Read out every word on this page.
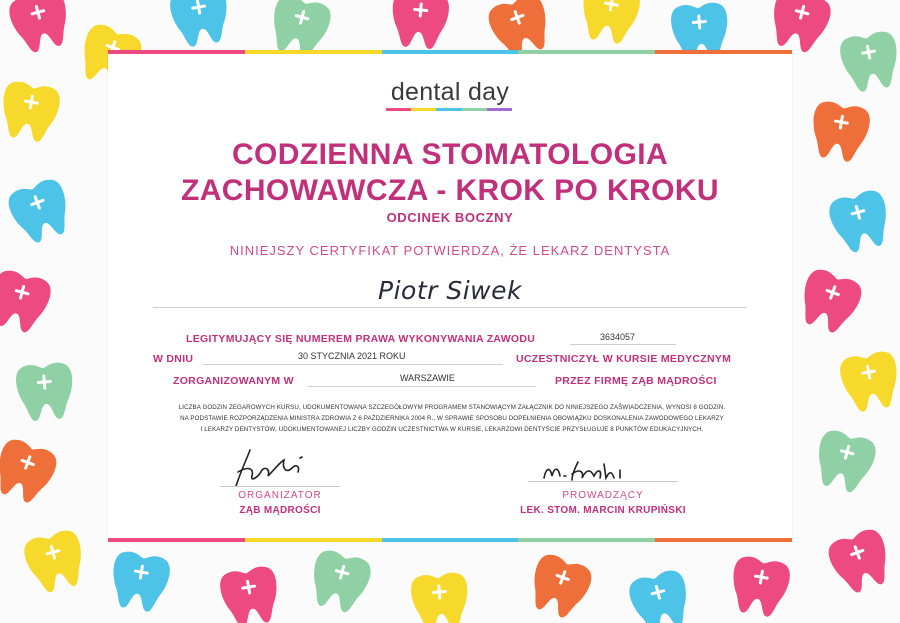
dental day
CODZIENNA STOMATOLOGIA
ZACHOWAWCZA - KROK PO KROKU
ODCINEK BOCZNY
NINIEJSZY CERTYFIKAT POTWIERDZA, ŻE LEKARZ DENTYSTA
Piotr Siwek
LEGITYMUJĄCY SIĘ NUMEREM PRAWA WYKONYWANIA ZAWODU	3634057
W DNIU	30 STYCZNIA 2021 ROKU	UCZESTNICZYŁ W KURSIE MEDYCZNYM
ZORGANIZOWANYM W	WARSZAWIE	PRZEZ FIRMĘ ZĄB MĄDROŚCI
LICZBA GODZIN ZEGAROWYCH KURSU, UDOKUMENTOWANA SZCZEGÓŁOWYM PROGRAMEM STANOWIĄCYM ZAŁĄCZNIK DO NINIEJSZEGO ZAŚWIADCZENIA, WYNOSI 8 GODZIN.
NA PODSTAWIE ROZPORZĄDZENIA MINISTRA ZDROWIA Z 6 PAŹDZIERNIKA 2004 R., W SPRAWIE SPOSOBU DOPEŁNIENIA OBOWIĄZKU DOSKONALENIA ZAWODOWEGO LEKARZY
I LEKARZY DENTYSTÓW, UDOKUMENTOWANEJ LICZBY GODZIN UCZESTNICTWA W KURSIE, LEKARZOWI DENTYŚCIE PRZYSŁUGUJE 8 PUNKTÓW EDUKACYJNYCH.
ORGANIZATOR
ZĄB MĄDROŚCI
PROWADZĄCY
LEK. STOM. MARCIN KRUPIŃSKI
